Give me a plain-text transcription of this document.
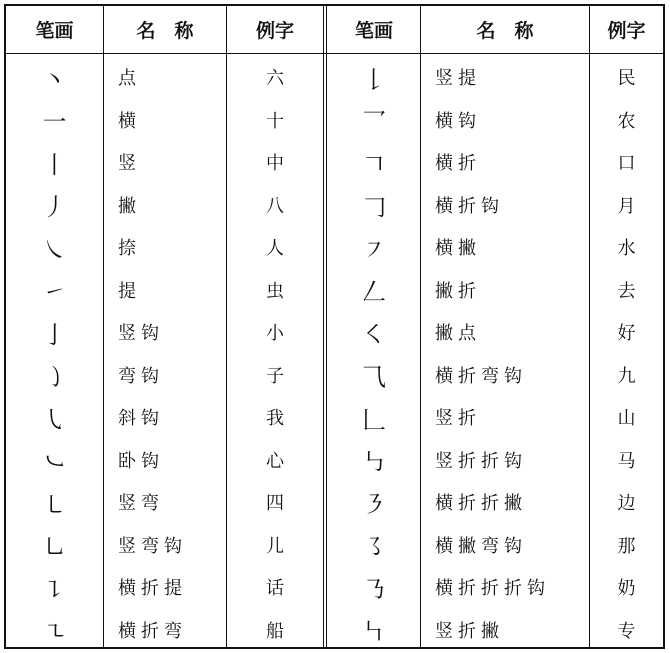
笔画	名　称	例字	笔画	名　称	例字
丶	点	六	𠄌	竖提	民
一	横	十	乛	横钩	农
丨	竖	中	𠃍	横折	口
丿	撇	八	𠃌	横折钩	月
㇏	捺	人	㇇	横撇	水
㇀	提	虫	𠃋	撇折	去
亅	竖钩	小	㇛	撇点	好
㇁	弯钩	子	⺄	横折弯钩	九
㇂	斜钩	我	𠃊	竖折	山
㇃	卧钩	心	㇉	竖折折钩	马
㇄	竖弯	四	㇋	横折折撇	边
㇟	竖弯钩	儿	㇌	横撇弯钩	那
㇊	横折提	话	㇡	横折折折钩	奶
㇍	横折弯	船	㇞	竖折撇	专
